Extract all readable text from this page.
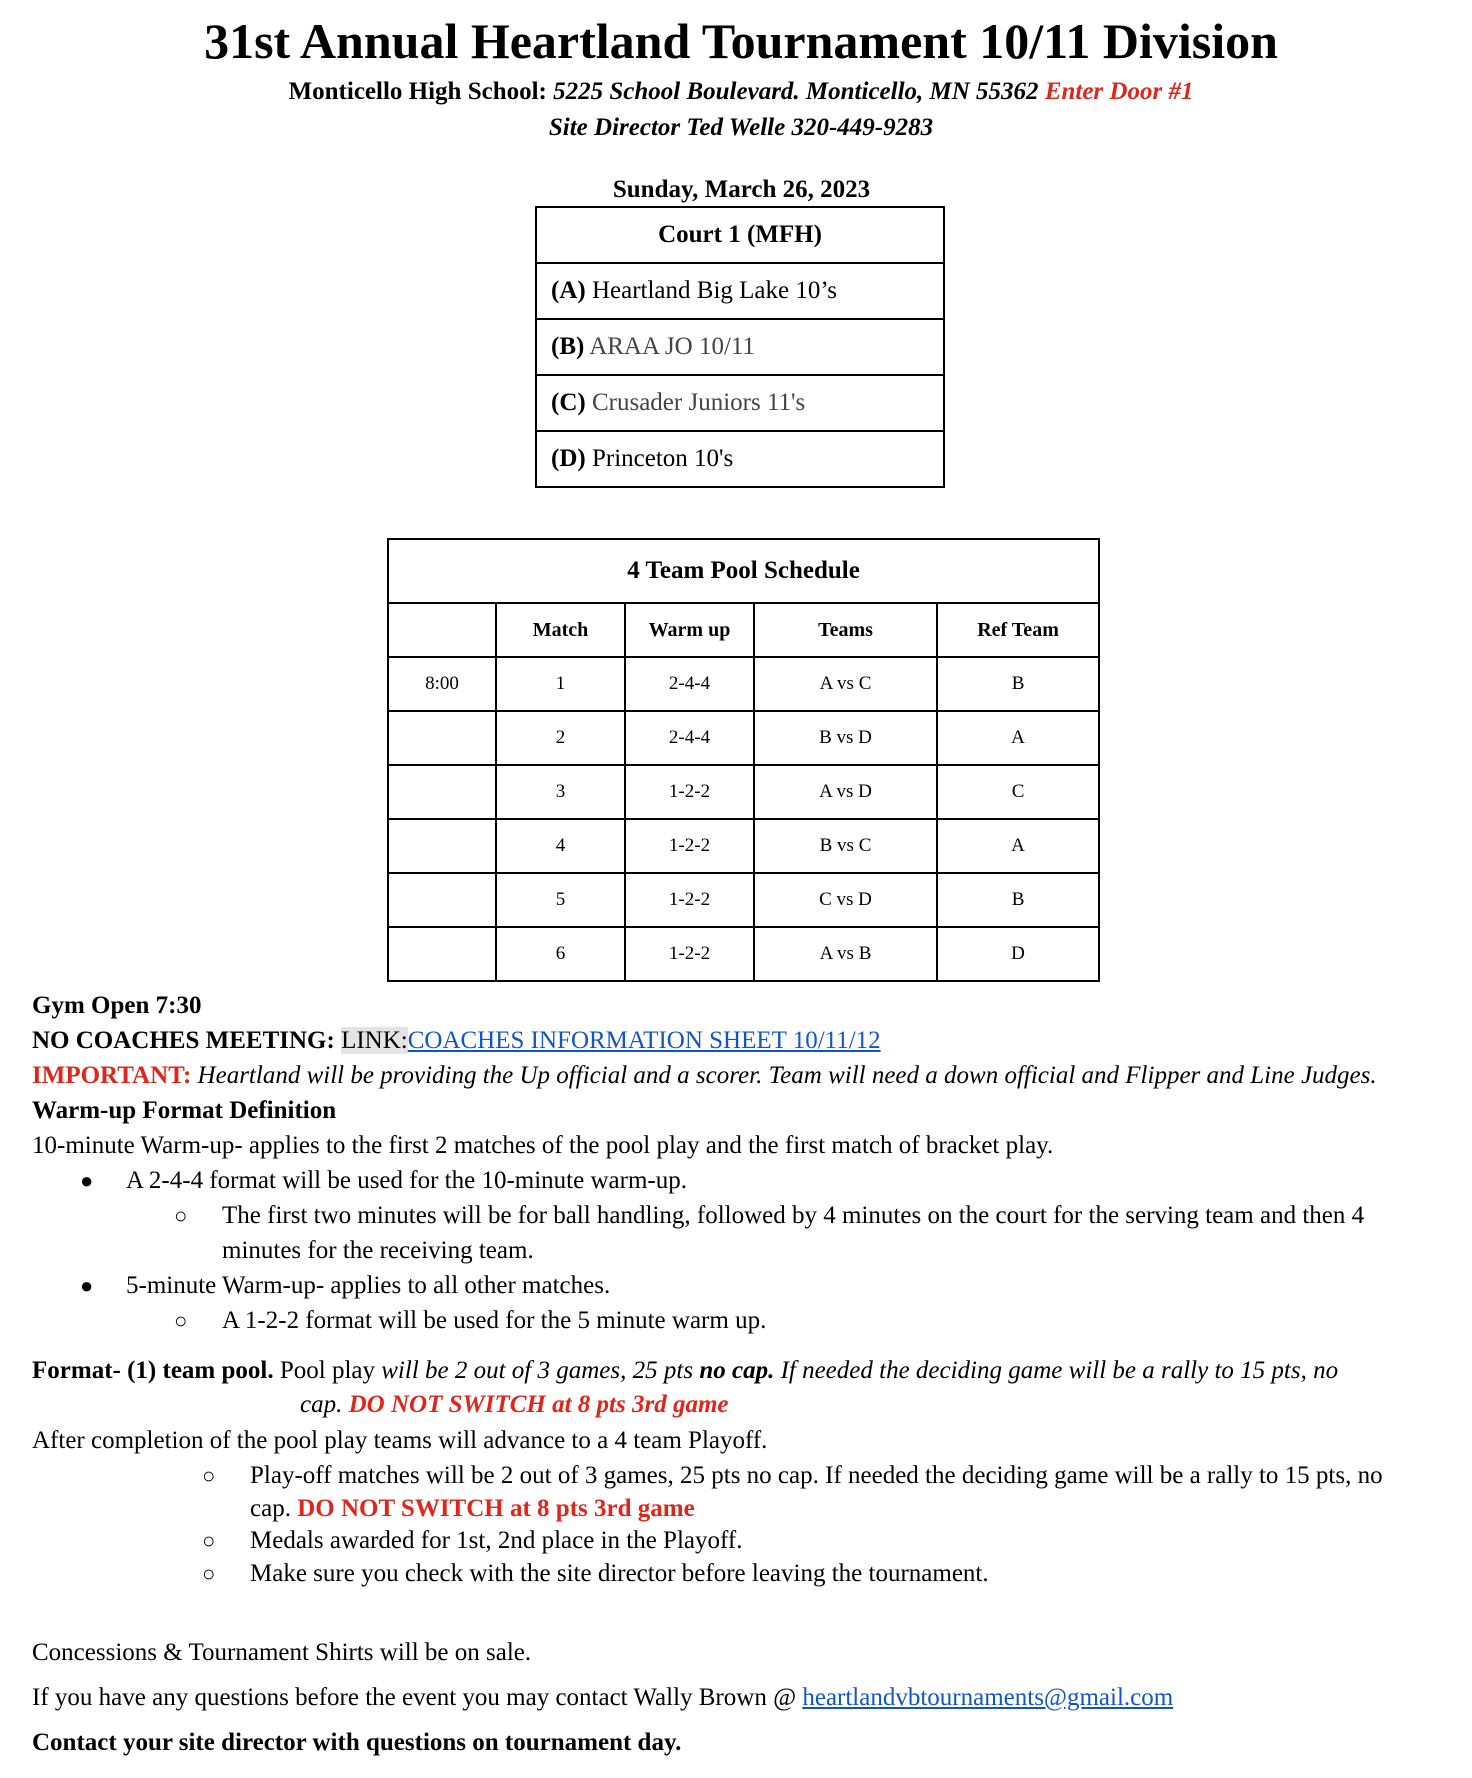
31st Annual Heartland Tournament 10/11 Division
Monticello High School: 5225 School Boulevard. Monticello, MN 55362 Enter Door #1
Site Director Ted Welle 320-449-9283
Sunday, March 26, 2023
Court 1 (MFH)
(A) Heartland Big Lake 10’s
(B) ARAA JO 10/11
(C) Crusader Juniors 11's
(D) Princeton 10's
4 Team Pool Schedule				
	Match	Warm up	Teams	Ref Team
8:00	1	2-4-4	A vs C	B
	2	2-4-4	B vs D	A
	3	1-2-2	A vs D	C
	4	1-2-2	B vs C	A
	5	1-2-2	C vs D	B
	6	1-2-2	A vs B	D
Gym Open 7:30
NO COACHES MEETING: LINK:COACHES INFORMATION SHEET 10/11/12
IMPORTANT: Heartland will be providing the Up official and a scorer. Team will need a down official and Flipper and Line Judges.
Warm-up Format Definition
10-minute Warm-up- applies to the first 2 matches of the pool play and the first match of bracket play.
● A 2-4-4 format will be used for the 10-minute warm-up.
○ The first two minutes will be for ball handling, followed by 4 minutes on the court for the serving team and then 4
minutes for the receiving team.
● 5-minute Warm-up- applies to all other matches.
○ A 1-2-2 format will be used for the 5 minute warm up.
Format- (1) team pool. Pool play will be 2 out of 3 games, 25 pts no cap. If needed the deciding game will be a rally to 15 pts, no
cap. DO NOT SWITCH at 8 pts 3rd game
After completion of the pool play teams will advance to a 4 team Playoff.
○ Play-off matches will be 2 out of 3 games, 25 pts no cap. If needed the deciding game will be a rally to 15 pts, no
cap. DO NOT SWITCH at 8 pts 3rd game
○ Medals awarded for 1st, 2nd place in the Playoff.
○ Make sure you check with the site director before leaving the tournament.
Concessions & Tournament Shirts will be on sale.
If you have any questions before the event you may contact Wally Brown @ heartlandvbtournaments@gmail.com
Contact your site director with questions on tournament day.
